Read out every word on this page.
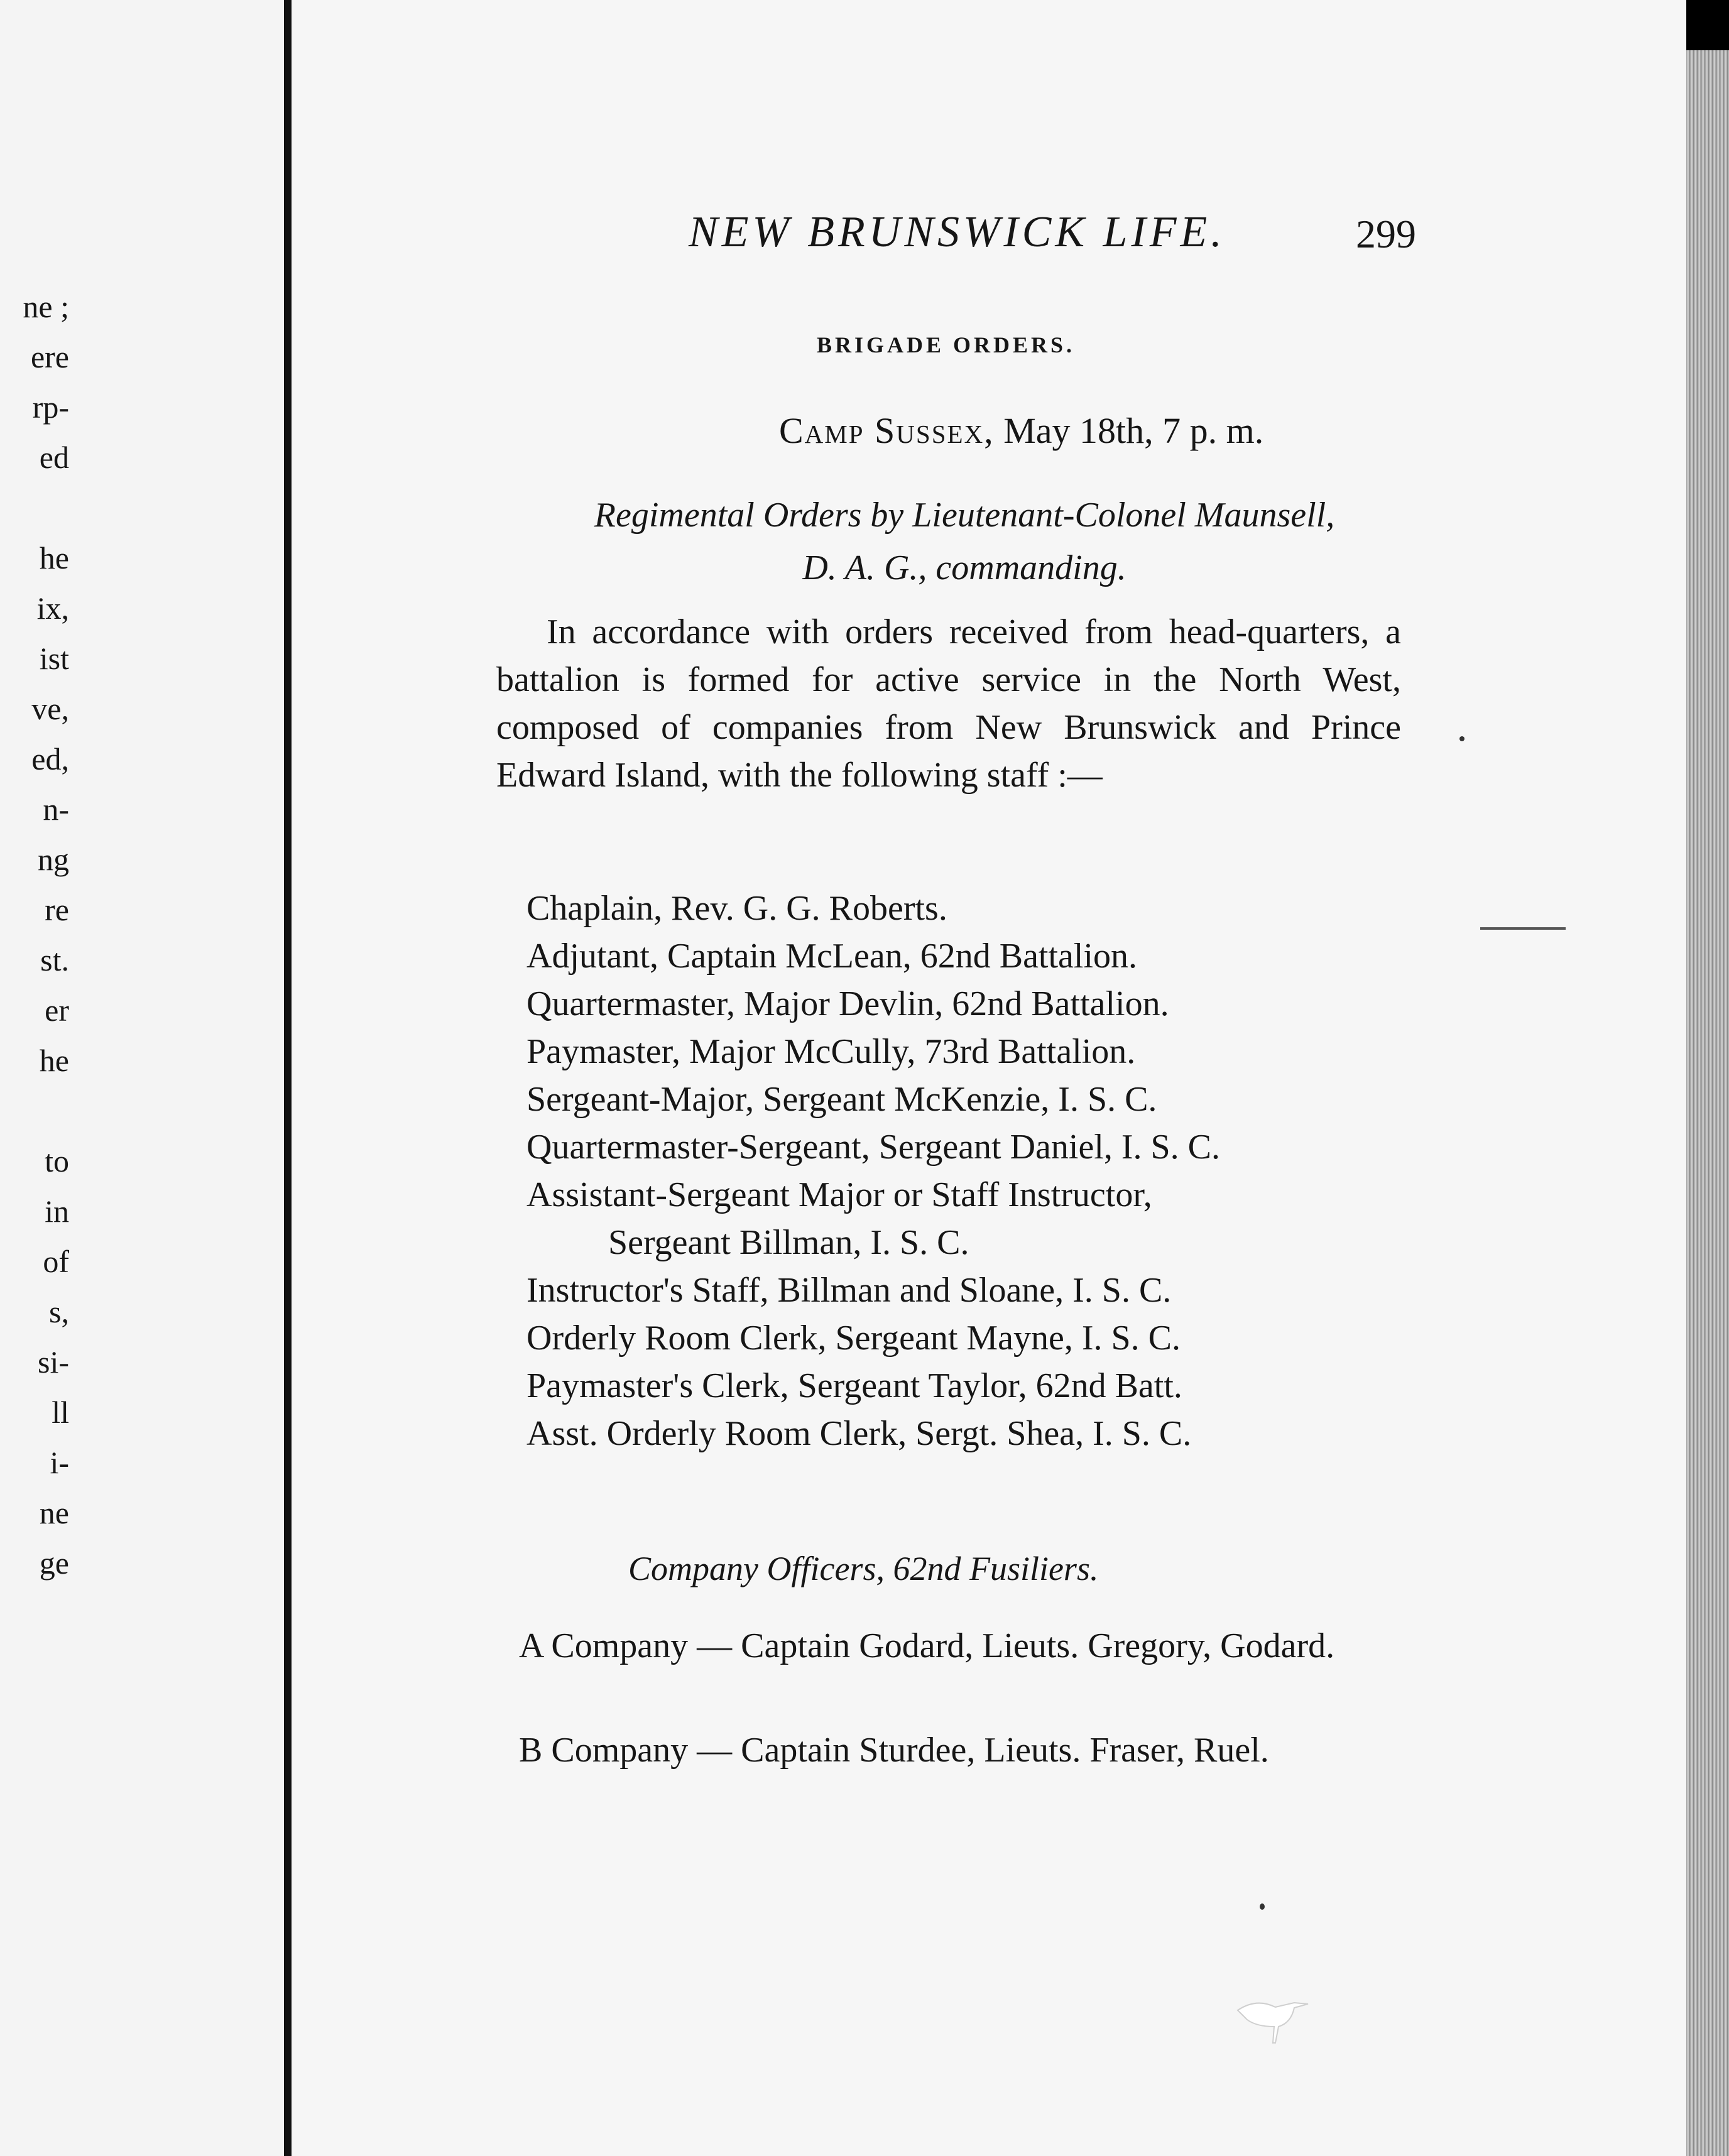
ne ;
ere
rp-
ed
he
ix,
ist
ve,
ed,
n-
ng
re
st.
er
he
to
in
of
s,
si-
ll
i-
ne
ge
NEW BRUNSWICK LIFE.	299
BRIGADE ORDERS.
Camp Sussex, May 18th, 7 p. m.
Regimental Orders by Lieutenant-Colonel Maunsell,
D. A. G., commanding.
In accordance with orders received from head-quarters, a battalion is formed for active service in the North West, composed of companies from New Brunswick and Prince Edward Island, with the following staff :—
Chaplain, Rev. G. G. Roberts.
Adjutant, Captain McLean, 62nd Battalion.
Quartermaster, Major Devlin, 62nd Battalion.
Paymaster, Major McCully, 73rd Battalion.
Sergeant-Major, Sergeant McKenzie, I. S. C.
Quartermaster-Sergeant, Sergeant Daniel, I. S. C.
Assistant-Sergeant Major or Staff Instructor,
Sergeant Billman, I. S. C.
Instructor's Staff, Billman and Sloane, I. S. C.
Orderly Room Clerk, Sergeant Mayne, I. S. C.
Paymaster's Clerk, Sergeant Taylor, 62nd Batt.
Asst. Orderly Room Clerk, Sergt. Shea, I. S. C.
Company Officers, 62nd Fusiliers.
A Company — Captain Godard, Lieuts. Gregory, Godard.
B Company — Captain Sturdee, Lieuts. Fraser, Ruel.
